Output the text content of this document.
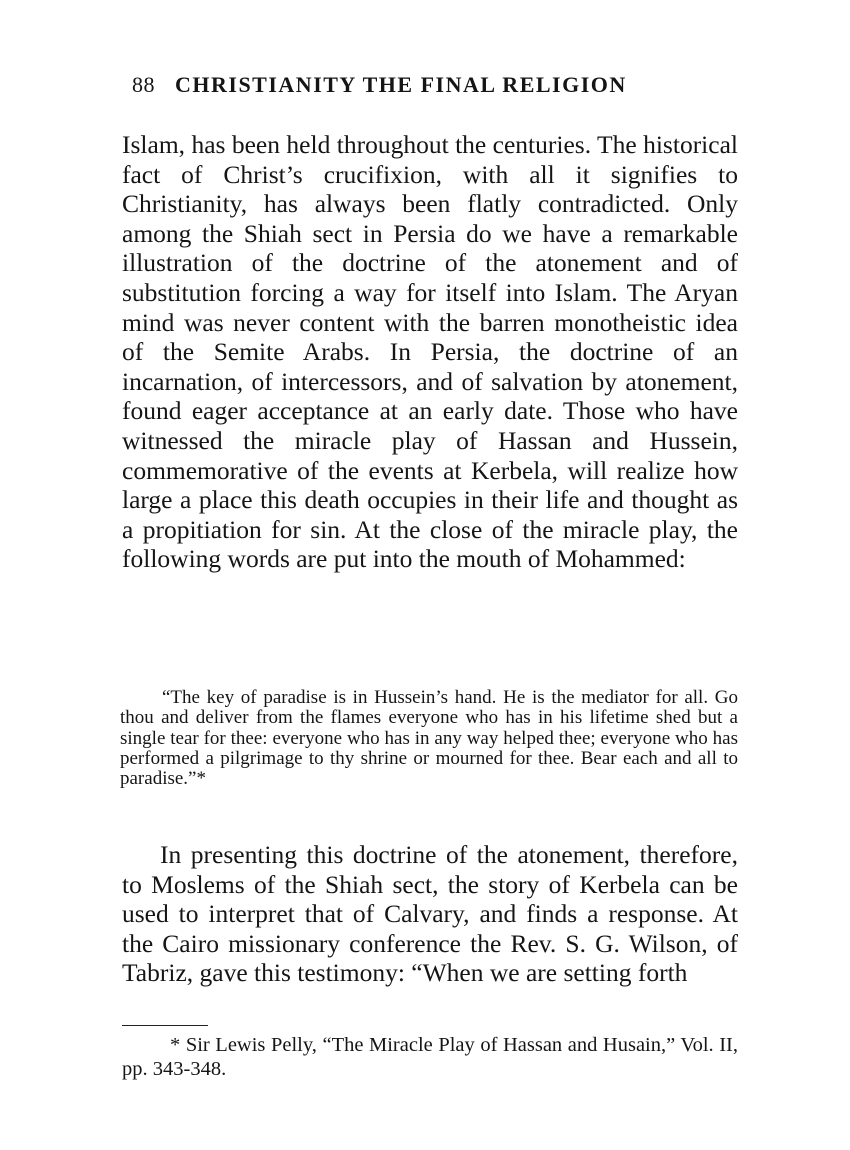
88 CHRISTIANITY THE FINAL RELIGION

Islam, has been held throughout the centuries. The historical fact of Christ’s crucifixion, with all it signifies to Christianity, has always been flatly contradicted. Only among the Shiah sect in Persia do we have a remarkable illustration of the doctrine of the atonement and of substitution forcing a way for itself into Islam. The Aryan mind was never content with the barren monotheistic idea of the Semite Arabs. In Persia, the doctrine of an incarnation, of intercessors, and of salvation by atonement, found eager acceptance at an early date. Those who have witnessed the miracle play of Hassan and Hussein, commemorative of the events at Kerbela, will realize how large a place this death occupies in their life and thought as a propitiation for sin. At the close of the miracle play, the following words are put into the mouth of Mohammed:

“The key of paradise is in Hussein’s hand. He is the mediator for all. Go thou and deliver from the flames everyone who has in his lifetime shed but a single tear for thee: everyone who has in any way helped thee; everyone who has performed a pilgrimage to thy shrine or mourned for thee. Bear each and all to paradise.”*

In presenting this doctrine of the atonement, therefore, to Moslems of the Shiah sect, the story of Kerbela can be used to interpret that of Calvary, and finds a response. At the Cairo missionary conference the Rev. S. G. Wilson, of Tabriz, gave this testimony: “When we are setting forth

* Sir Lewis Pelly, “The Miracle Play of Hassan and Husain,” Vol. II, pp. 343-348.
